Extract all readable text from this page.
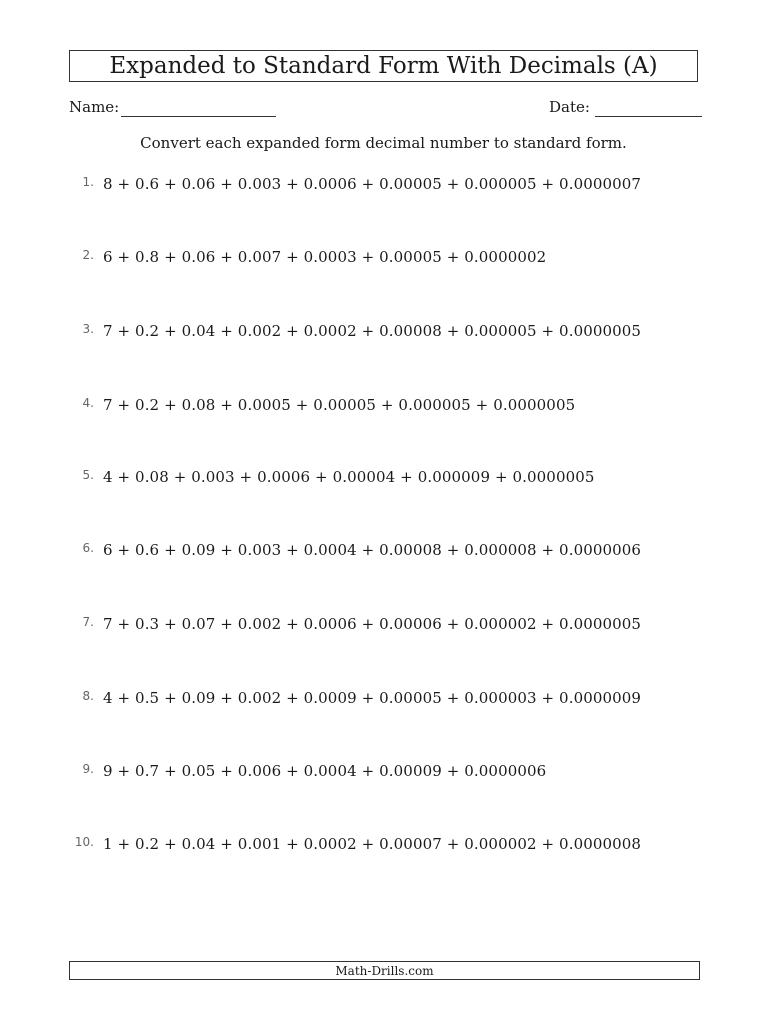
Expanded to Standard Form With Decimals (A)
Name:	Date:
Convert each expanded form decimal number to standard form.
1. 8 + 0.6 + 0.06 + 0.003 + 0.0006 + 0.00005 + 0.000005 + 0.0000007
2. 6 + 0.8 + 0.06 + 0.007 + 0.0003 + 0.00005 + 0.0000002
3. 7 + 0.2 + 0.04 + 0.002 + 0.0002 + 0.00008 + 0.000005 + 0.0000005
4. 7 + 0.2 + 0.08 + 0.0005 + 0.00005 + 0.000005 + 0.0000005
5. 4 + 0.08 + 0.003 + 0.0006 + 0.00004 + 0.000009 + 0.0000005
6. 6 + 0.6 + 0.09 + 0.003 + 0.0004 + 0.00008 + 0.000008 + 0.0000006
7. 7 + 0.3 + 0.07 + 0.002 + 0.0006 + 0.00006 + 0.000002 + 0.0000005
8. 4 + 0.5 + 0.09 + 0.002 + 0.0009 + 0.00005 + 0.000003 + 0.0000009
9. 9 + 0.7 + 0.05 + 0.006 + 0.0004 + 0.00009 + 0.0000006
10. 1 + 0.2 + 0.04 + 0.001 + 0.0002 + 0.00007 + 0.000002 + 0.0000008
Math-Drills.com
